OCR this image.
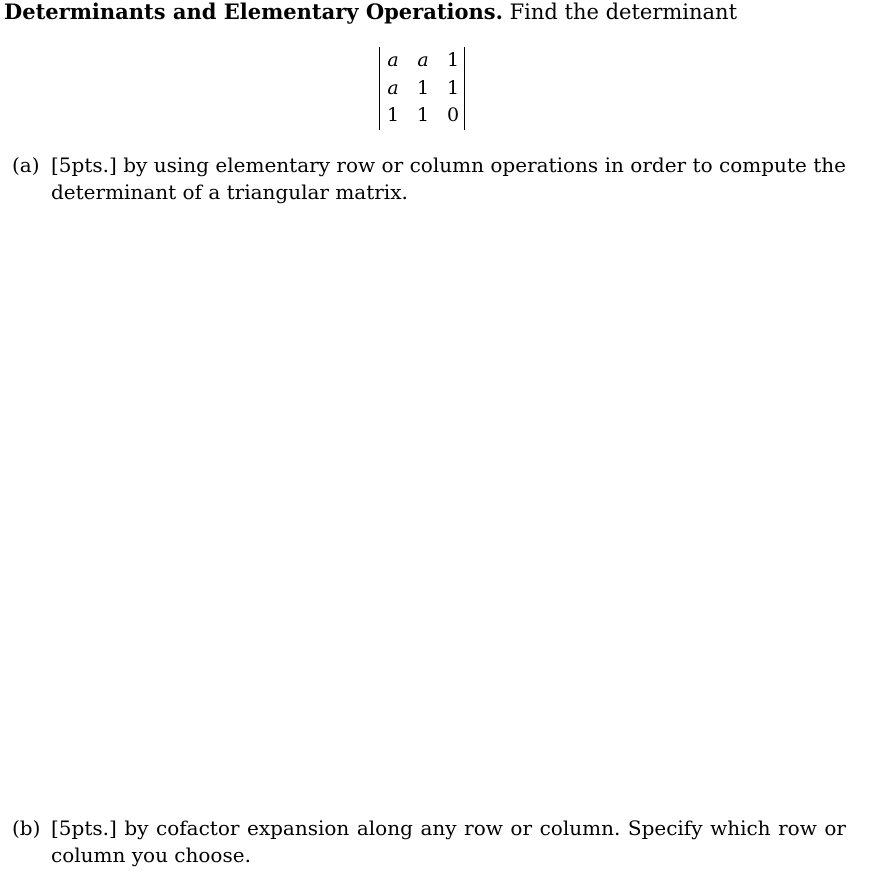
Determinants and Elementary Operations. Find the determinant
a a 1
a 1 1
1 1 0
(a) [5pts.] by using elementary row or column operations in order to compute the determinant of a triangular matrix.
(b) [5pts.] by cofactor expansion along any row or column. Specify which row or column you choose.
